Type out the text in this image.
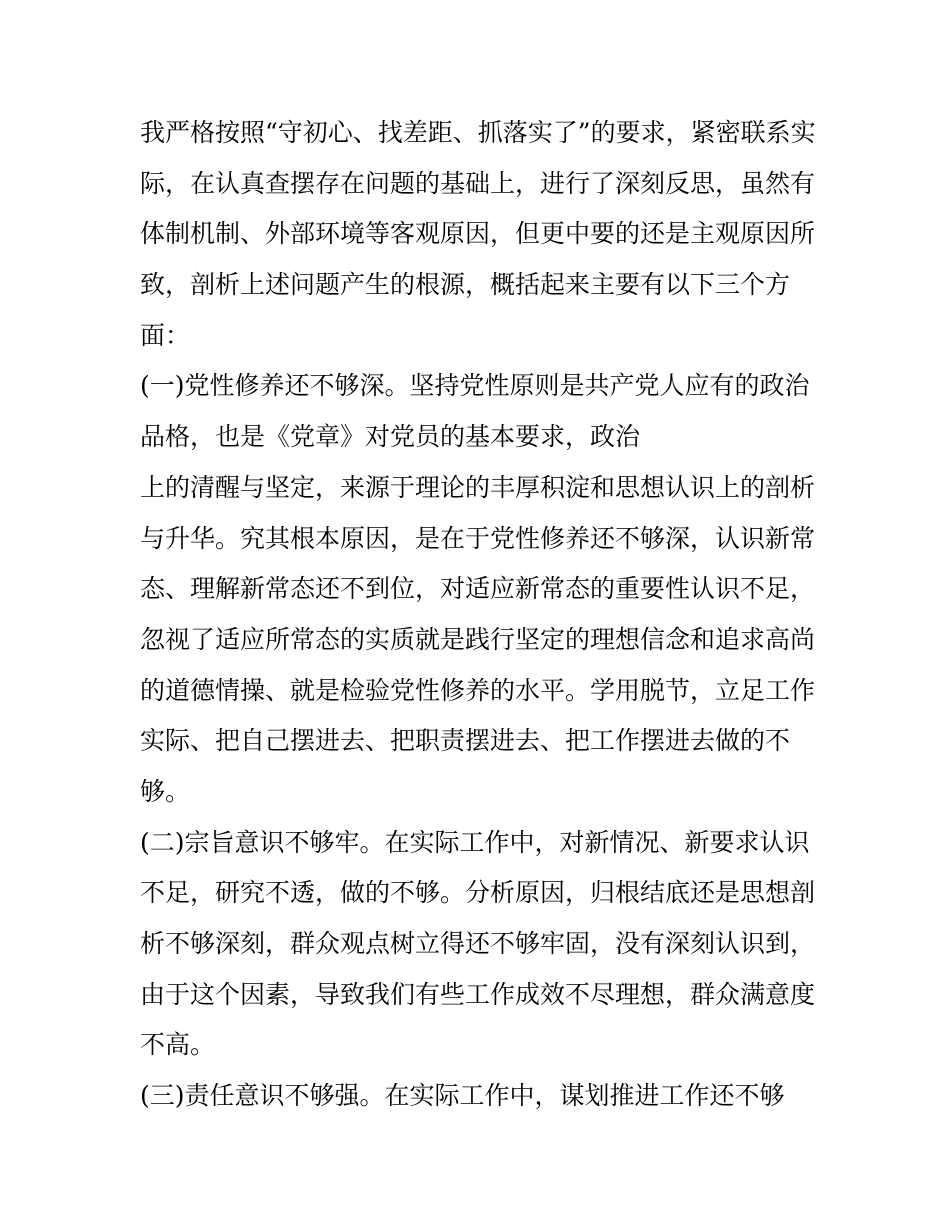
我严格按照“守初心、找差距、抓落实了”的要求，紧密联系实
际，在认真查摆存在问题的基础上，进行了深刻反思，虽然有
体制机制、外部环境等客观原因，但更中要的还是主观原因所
致，剖析上述问题产生的根源，概括起来主要有以下三个方
面：
(一)党性修养还不够深。坚持党性原则是共产党人应有的政治
品格，也是《党章》对党员的基本要求，政治
上的清醒与坚定，来源于理论的丰厚积淀和思想认识上的剖析
与升华。究其根本原因，是在于党性修养还不够深，认识新常
态、理解新常态还不到位，对适应新常态的重要性认识不足，
忽视了适应所常态的实质就是践行坚定的理想信念和追求高尚
的道德情操、就是检验党性修养的水平。学用脱节，立足工作
实际、把自己摆进去、把职责摆进去、把工作摆进去做的不
够。
(二)宗旨意识不够牢。在实际工作中，对新情况、新要求认识
不足，研究不透，做的不够。分析原因，归根结底还是思想剖
析不够深刻，群众观点树立得还不够牢固，没有深刻认识到，
由于这个因素，导致我们有些工作成效不尽理想，群众满意度
不高。
(三)责任意识不够强。在实际工作中，谋划推进工作还不够
